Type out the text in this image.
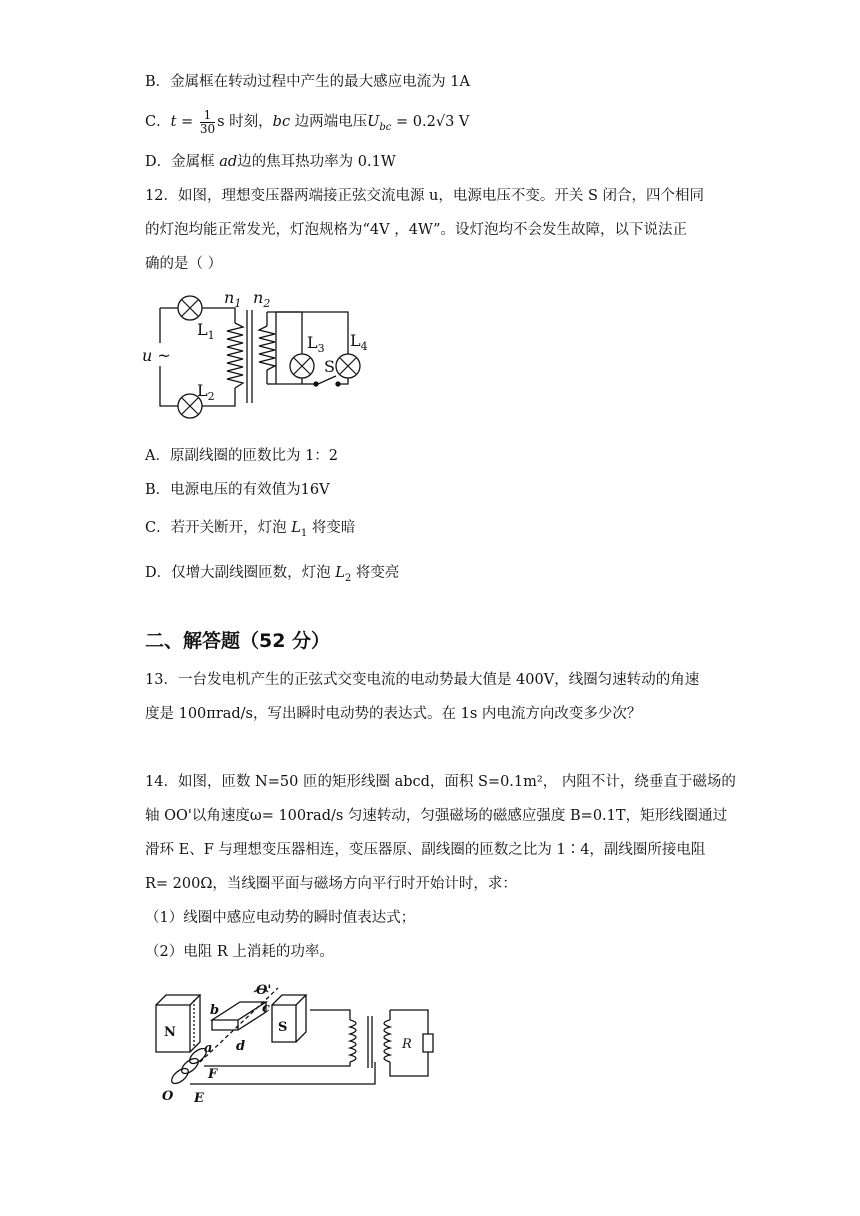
B．金属框在转动过程中产生的最大感应电流为 1A
C．$t = \frac{1}{30}$ s 时刻，bc 边两端电压$U_{bc} = 0.2√3$ V
D．金属框 ad边的焦耳热功率为 0.1W
12．如图，理想变压器两端接正弦交流电源 u，电源电压不变。开关 S 闭合，四个相同
的灯泡均能正常发光，灯泡规格为“4V ，4W”。设灯泡均不会发生故障，以下说法正
确的是（ ）
u ~
$n_1$ $n_2$
$L_1$
$L_2$
$L_3$ $L_4$
S
A．原副线圈的匝数比为 1：2
B．电源电压的有效值为16V
C．若开关断开，灯泡 $L_1$ 将变暗
D．仅增大副线圈匝数，灯泡 $L_2$ 将变亮
二、解答题（52 分）
13．一台发电机产生的正弦式交变电流的电动势最大值是 400V，线圈匀速转动的角速
度是 100πrad/s，写出瞬时电动势的表达式。在 1s 内电流方向改变多少次？
14．如图，匝数 N=50 匝的矩形线圈 abcd，面积 S=0.1m²， 内阻不计，绕垂直于磁场的
轴 OO'以角速度ω= 100rad/s 匀速转动，匀强磁场的磁感应强度 B=0.1T，矩形线圈通过
滑环 E、F 与理想变压器相连，变压器原、副线圈的匝数之比为 1∶4，副线圈所接电阻
R= 200Ω，当线圈平面与磁场方向平行时开始计时，求：
（1）线圈中感应电动势的瞬时值表达式；
（2）电阻 R 上消耗的功率。
N	S
O'
O
b	c
a d
F
E
R
